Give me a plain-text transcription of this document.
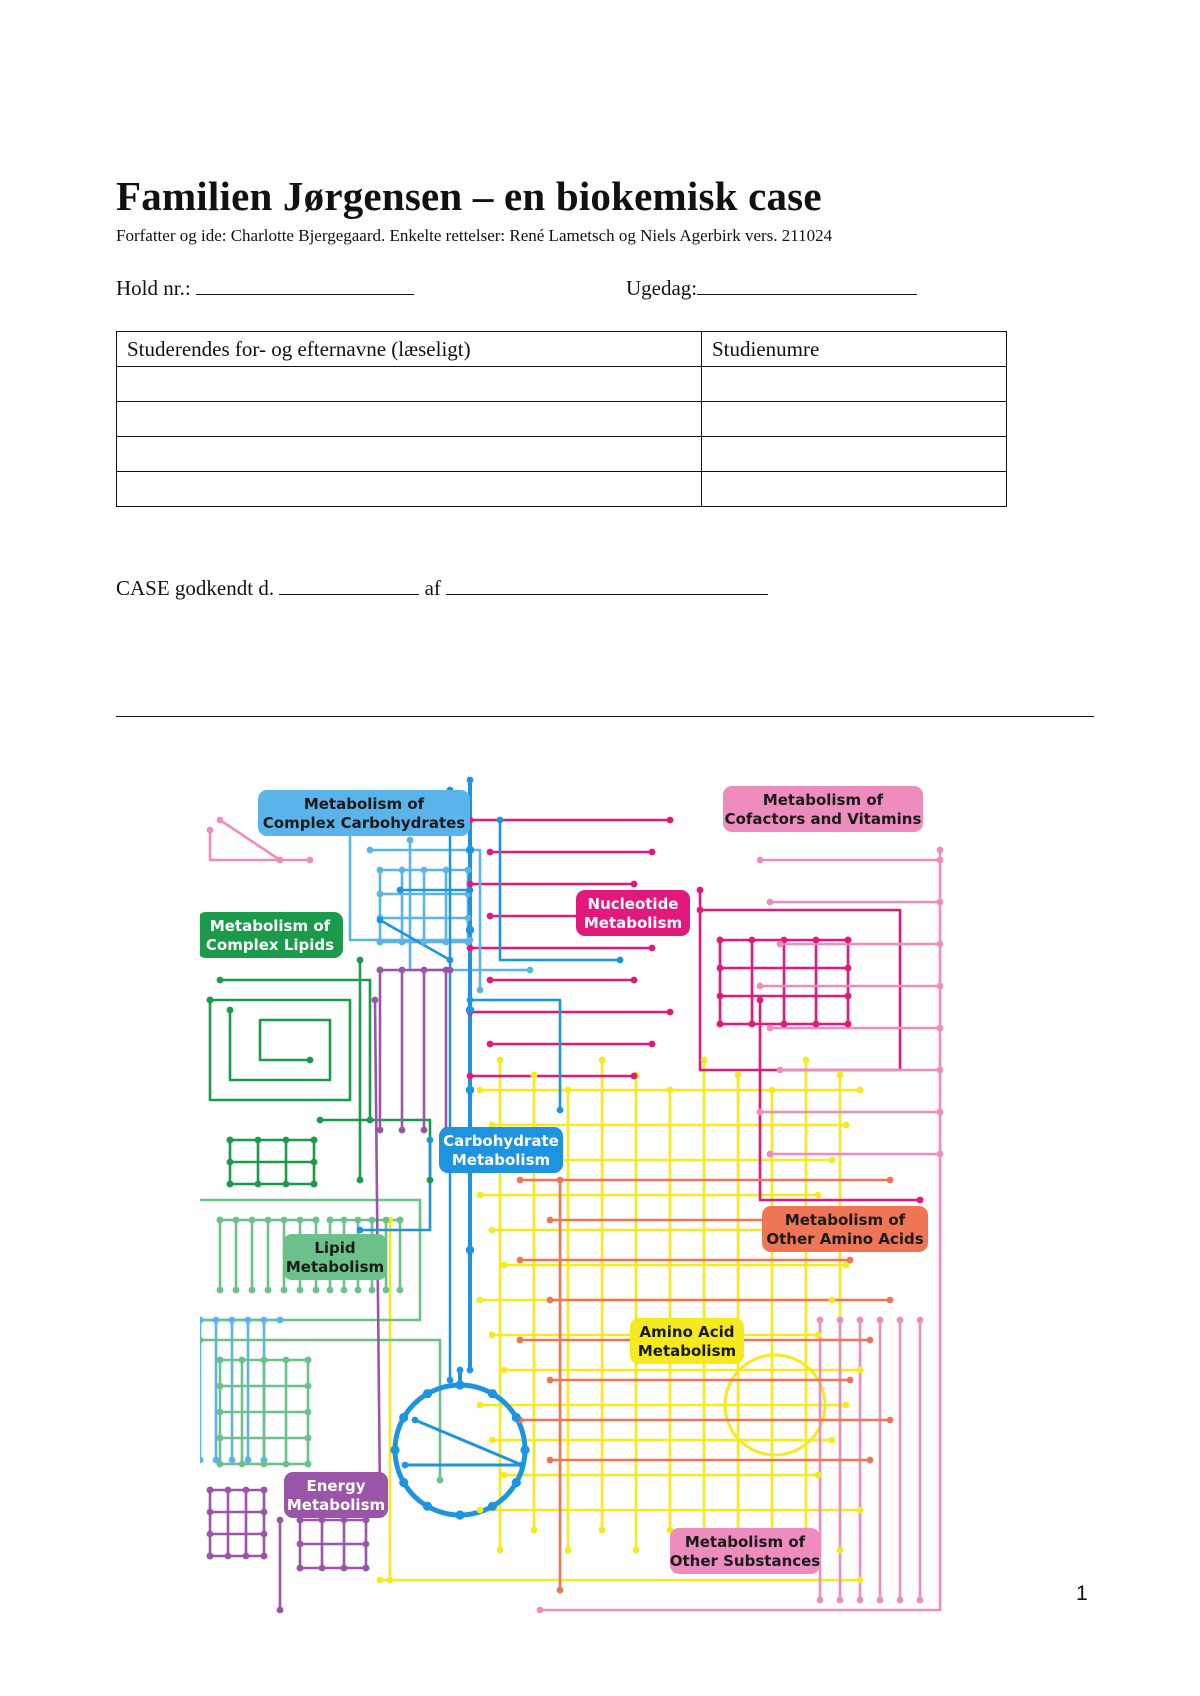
Familien Jørgensen – en biokemisk case
Forfatter og ide: Charlotte Bjergegaard. Enkelte rettelser: René Lametsch og Niels Agerbirk vers. 211024
Hold nr.:	Ugedag:
Studerendes for- og efternavne (læseligt)	Studienumre

CASE godkendt d.	af
Metabolism of
Complex Carbohydrates
Metabolism of
Cofactors and Vitamins
Nucleotide
Metabolism
Metabolism of
Complex Lipids
Carbohydrate
Metabolism
Metabolism of
Other Amino Acids
Lipid
Metabolism
Amino Acid
Metabolism
Energy
Metabolism
Metabolism of
Other Substances
1
